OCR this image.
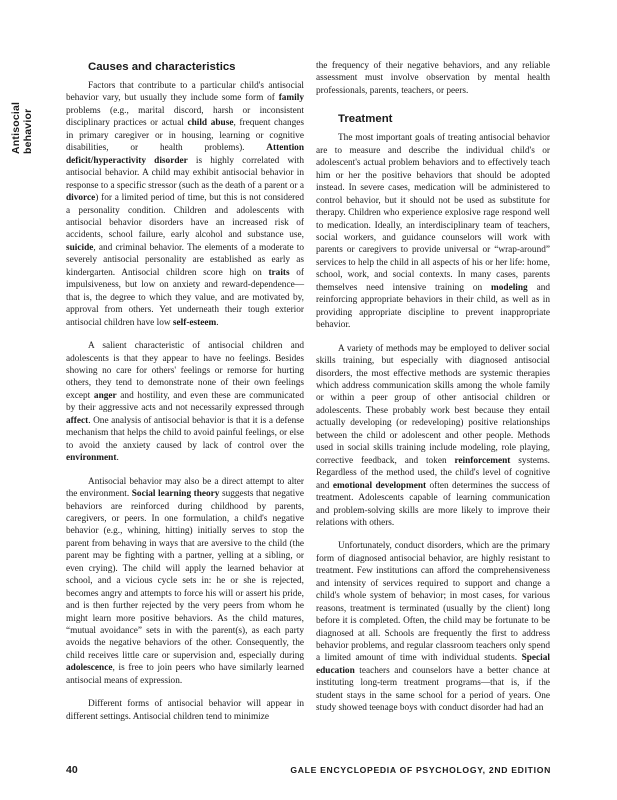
Antisocial behavior
Causes and characteristics

Factors that contribute to a particular child's antisocial behavior vary, but usually they include some form of family problems (e.g., marital discord, harsh or inconsistent disciplinary practices or actual child abuse, frequent changes in primary caregiver or in housing, learning or cognitive disabilities, or health problems). Attention deficit/hyperactivity disorder is highly correlated with antisocial behavior. A child may exhibit antisocial behavior in response to a specific stressor (such as the death of a parent or a divorce) for a limited period of time, but this is not considered a personality condition. Children and adolescents with antisocial behavior disorders have an increased risk of accidents, school failure, early alcohol and substance use, suicide, and criminal behavior. The elements of a moderate to severely antisocial personality are established as early as kindergarten. Antisocial children score high on traits of impulsiveness, but low on anxiety and reward-dependence—that is, the degree to which they value, and are motivated by, approval from others. Yet underneath their tough exterior antisocial children have low self-esteem.

A salient characteristic of antisocial children and adolescents is that they appear to have no feelings. Besides showing no care for others' feelings or remorse for hurting others, they tend to demonstrate none of their own feelings except anger and hostility, and even these are communicated by their aggressive acts and not necessarily expressed through affect. One analysis of antisocial behavior is that it is a defense mechanism that helps the child to avoid painful feelings, or else to avoid the anxiety caused by lack of control over the environment.

Antisocial behavior may also be a direct attempt to alter the environment. Social learning theory suggests that negative behaviors are reinforced during childhood by parents, caregivers, or peers. In one formulation, a child's negative behavior (e.g., whining, hitting) initially serves to stop the parent from behaving in ways that are aversive to the child (the parent may be fighting with a partner, yelling at a sibling, or even crying). The child will apply the learned behavior at school, and a vicious cycle sets in: he or she is rejected, becomes angry and attempts to force his will or assert his pride, and is then further rejected by the very peers from whom he might learn more positive behaviors. As the child matures, “mutual avoidance” sets in with the parent(s), as each party avoids the negative behaviors of the other. Consequently, the child receives little care or supervision and, especially during adolescence, is free to join peers who have similarly learned antisocial means of expression.

Different forms of antisocial behavior will appear in different settings. Antisocial children tend to minimize

the frequency of their negative behaviors, and any reliable assessment must involve observation by mental health professionals, parents, teachers, or peers.

Treatment

The most important goals of treating antisocial behavior are to measure and describe the individual child's or adolescent's actual problem behaviors and to effectively teach him or her the positive behaviors that should be adopted instead. In severe cases, medication will be administered to control behavior, but it should not be used as substitute for therapy. Children who experience explosive rage respond well to medication. Ideally, an interdisciplinary team of teachers, social workers, and guidance counselors will work with parents or caregivers to provide universal or “wrap-around” services to help the child in all aspects of his or her life: home, school, work, and social contexts. In many cases, parents themselves need intensive training on modeling and reinforcing appropriate behaviors in their child, as well as in providing appropriate discipline to prevent inappropriate behavior.

A variety of methods may be employed to deliver social skills training, but especially with diagnosed antisocial disorders, the most effective methods are systemic therapies which address communication skills among the whole family or within a peer group of other antisocial children or adolescents. These probably work best because they entail actually developing (or redeveloping) positive relationships between the child or adolescent and other people. Methods used in social skills training include modeling, role playing, corrective feedback, and token reinforcement systems. Regardless of the method used, the child's level of cognitive and emotional development often determines the success of treatment. Adolescents capable of learning communication and problem-solving skills are more likely to improve their relations with others.

Unfortunately, conduct disorders, which are the primary form of diagnosed antisocial behavior, are highly resistant to treatment. Few institutions can afford the comprehensiveness and intensity of services required to support and change a child's whole system of behavior; in most cases, for various reasons, treatment is terminated (usually by the client) long before it is completed. Often, the child may be fortunate to be diagnosed at all. Schools are frequently the first to address behavior problems, and regular classroom teachers only spend a limited amount of time with individual students. Special education teachers and counselors have a better chance at instituting long-term treatment programs—that is, if the student stays in the same school for a period of years. One study showed teenage boys with conduct disorder had had an

40	GALE ENCYCLOPEDIA OF PSYCHOLOGY, 2ND EDITION
